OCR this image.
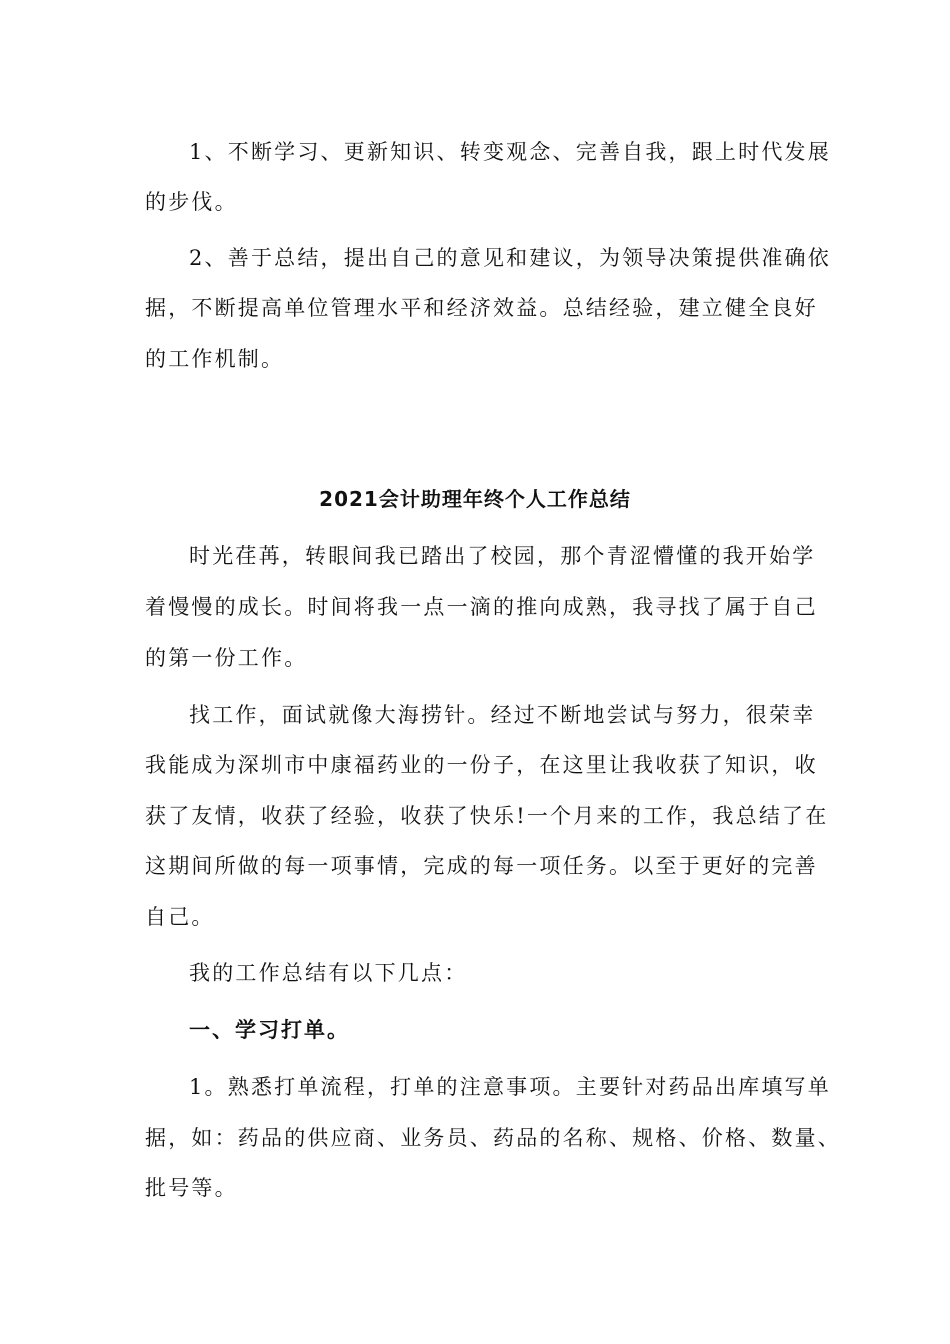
1、不断学习、更新知识、转变观念、完善自我，跟上时代发展
的步伐。
2、善于总结，提出自己的意见和建议，为领导决策提供准确依
据，不断提高单位管理水平和经济效益。总结经验，建立健全良好
的工作机制。
2021会计助理年终个人工作总结
时光荏苒，转眼间我已踏出了校园，那个青涩懵懂的我开始学
着慢慢的成长。时间将我一点一滴的推向成熟，我寻找了属于自己
的第一份工作。
找工作，面试就像大海捞针。经过不断地尝试与努力，很荣幸
我能成为深圳市中康福药业的一份子，在这里让我收获了知识，收
获了友情，收获了经验，收获了快乐!一个月来的工作，我总结了在
这期间所做的每一项事情，完成的每一项任务。以至于更好的完善
自己。
我的工作总结有以下几点：
一、学习打单。
1。熟悉打单流程，打单的注意事项。主要针对药品出库填写单
据，如：药品的供应商、业务员、药品的名称、规格、价格、数量、
批号等。
